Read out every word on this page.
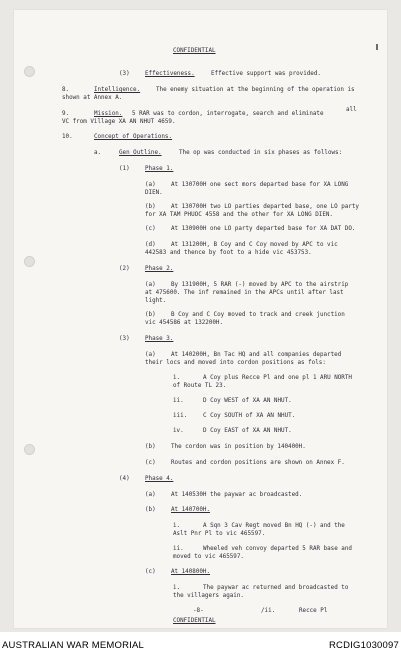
CONFIDENTIAL
(3)	Effectiveness.	Effective support was provided.
8.	Intelligence.	The enemy situation at the beginning of the operation is
shown at Annex A.
9.	Mission. 5 RAR was to cordon, interrogate, search and eliminate
all
VC from Village XA AN NHUT 4659.
10.	Concept of Operations.
a.	Gen Outline.	The op was conducted in six phases as follows:
(1)	Phase 1.
(a)	At 130700H one sect mors departed base for XA LONG
DIEN.
(b)	At 130700H two LO parties departed base, one LO party
for XA TAM PHUOC 4558 and the other for XA LONG DIEN.
(c)	At 130900H one LO party departed base for XA DAT DO.
(d)	At 131200H, B Coy and C Coy moved by APC to vic
442583 and thence by foot to a hide vic 453753.
(2)	Phase 2.
(a)	By 131900H, 5 RAR (-) moved by APC to the airstrip
at 475600. The inf remained in the APCs until after last
light.
(b)	B Coy and C Coy moved to track and creek junction
vic 454586 at 132200H.
(3)	Phase 3.
(a)	At 140200H, Bn Tac HQ and all companies departed
their locs and moved into cordon positions as fols:
i.	A Coy plus Recce Pl and one pl 1 ARU NORTH
of Route TL 23.
ii.	D Coy WEST of XA AN NHUT.
iii.	C Coy SOUTH of XA AN NHUT.
iv.	D Coy EAST of XA AN NHUT.
(b)	The cordon was in position by 140400H.
(c)	Routes and cordon positions are shown on Annex F.
(4)	Phase 4.
(a)	At 140530H the paywar ac broadcasted.
(b)	At 140700H.
i.	A Sqn 3 Cav Regt moved Bn HQ (-) and the
Aslt Pnr Pl to vic 465597.
ii.	Wheeled veh convoy departed 5 RAR base and
moved to vic 465597.
(c)	At 140800H.
i.	The paywar ac returned and broadcasted to
the villagers again.
-8-	/ii.	Recce Pl
CONFIDENTIAL
AUSTRALIAN WAR MEMORIAL	RCDIG1030097
